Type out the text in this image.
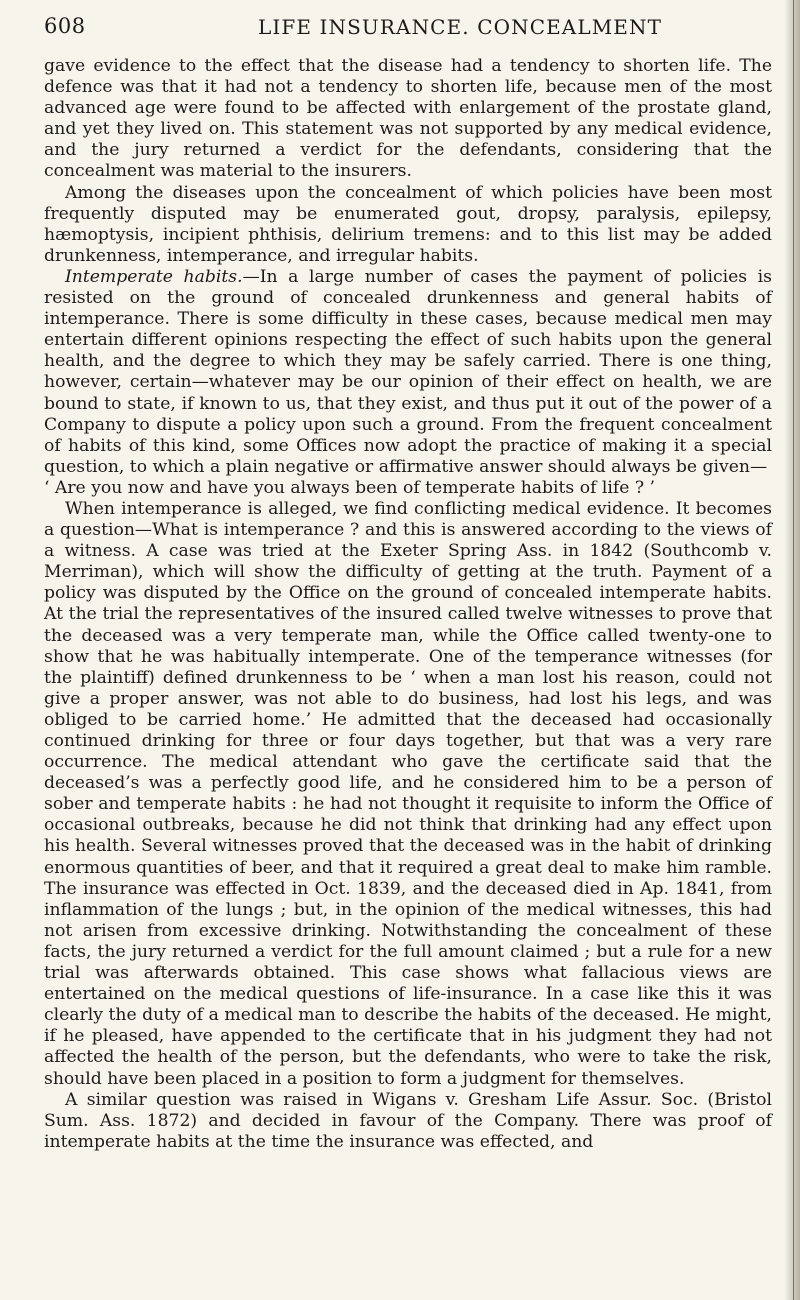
608	LIFE INSURANCE. CONCEALMENT

gave evidence to the effect that the disease had a tendency to shorten life. The defence was that it had not a tendency to shorten life, because men of the most advanced age were found to be affected with enlargement of the prostate gland, and yet they lived on. This statement was not supported by any medical evidence, and the jury returned a verdict for the defendants, considering that the concealment was material to the insurers.

Among the diseases upon the concealment of which policies have been most frequently disputed may be enumerated gout, dropsy, paralysis, epilepsy, hæmoptysis, incipient phthisis, delirium tremens: and to this list may be added drunkenness, intemperance, and irregular habits.

Intemperate habits.—In a large number of cases the payment of policies is resisted on the ground of concealed drunkenness and general habits of intemperance. There is some difficulty in these cases, because medical men may entertain different opinions respecting the effect of such habits upon the general health, and the degree to which they may be safely carried. There is one thing, however, certain—whatever may be our opinion of their effect on health, we are bound to state, if known to us, that they exist, and thus put it out of the power of a Company to dispute a policy upon such a ground. From the frequent concealment of habits of this kind, some Offices now adopt the practice of making it a special question, to which a plain negative or affirmative answer should always be given—

‘ Are you now and have you always been of temperate habits of life ? ’

When intemperance is alleged, we find conflicting medical evidence. It becomes a question—What is intemperance ? and this is answered according to the views of a witness. A case was tried at the Exeter Spring Ass. in 1842 (Southcomb v. Merriman), which will show the difficulty of getting at the truth. Payment of a policy was disputed by the Office on the ground of concealed intemperate habits. At the trial the representatives of the insured called twelve witnesses to prove that the deceased was a very temperate man, while the Office called twenty-one to show that he was habitually intemperate. One of the temperance witnesses (for the plaintiff) defined drunkenness to be ‘ when a man lost his reason, could not give a proper answer, was not able to do business, had lost his legs, and was obliged to be carried home.’ He admitted that the deceased had occasionally continued drinking for three or four days together, but that was a very rare occurrence. The medical attendant who gave the certificate said that the deceased’s was a perfectly good life, and he considered him to be a person of sober and temperate habits : he had not thought it requisite to inform the Office of occasional outbreaks, because he did not think that drinking had any effect upon his health. Several witnesses proved that the deceased was in the habit of drinking enormous quantities of beer, and that it required a great deal to make him ramble. The insurance was effected in Oct. 1839, and the deceased died in Ap. 1841, from inflammation of the lungs ; but, in the opinion of the medical witnesses, this had not arisen from excessive drinking. Notwithstanding the concealment of these facts, the jury returned a verdict for the full amount claimed ; but a rule for a new trial was afterwards obtained. This case shows what fallacious views are entertained on the medical questions of life-insurance. In a case like this it was clearly the duty of a medical man to describe the habits of the deceased. He might, if he pleased, have appended to the certificate that in his judgment they had not affected the health of the person, but the defendants, who were to take the risk, should have been placed in a position to form a judgment for themselves.

A similar question was raised in Wigans v. Gresham Life Assur. Soc. (Bristol Sum. Ass. 1872) and decided in favour of the Company. There was proof of intemperate habits at the time the insurance was effected, and
